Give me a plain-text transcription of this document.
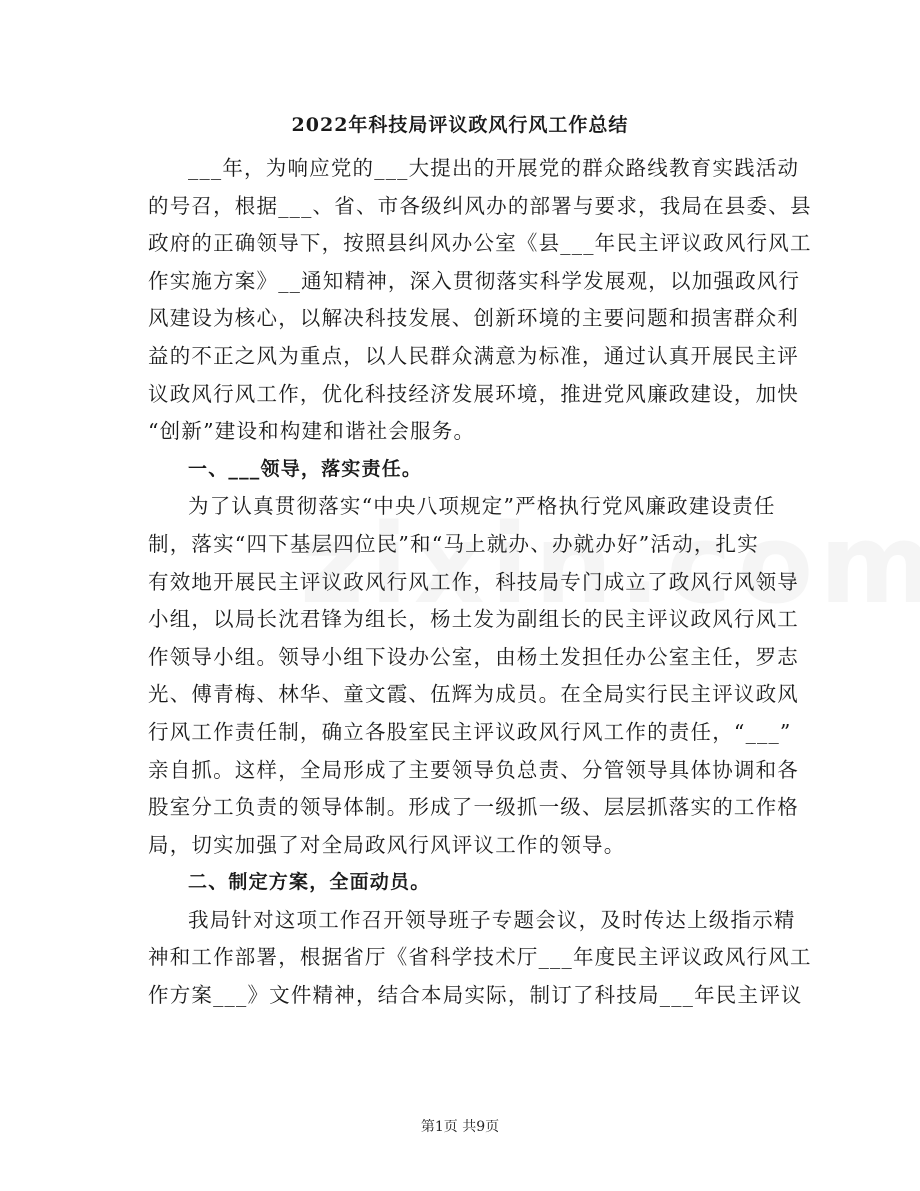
2022年科技局评议政风行风工作总结
___年，为响应党的___大提出的开展党的群众路线教育实践活动
的号召，根据___、省、市各级纠风办的部署与要求，我局在县委、县
政府的正确领导下，按照县纠风办公室《县___年民主评议政风行风工
作实施方案》__通知精神，深入贯彻落实科学发展观，以加强政风行
风建设为核心，以解决科技发展、创新环境的主要问题和损害群众利
益的不正之风为重点，以人民群众满意为标准，通过认真开展民主评
议政风行风工作，优化科技经济发展环境，推进党风廉政建设，加快
“创新”建设和构建和谐社会服务。
一、___领导，落实责任。
为了认真贯彻落实“中央八项规定”严格执行党风廉政建设责任
制，落实“四下基层四位民”和“马上就办、办就办好”活动，扎实
有效地开展民主评议政风行风工作，科技局专门成立了政风行风领导
小组，以局长沈君锋为组长，杨土发为副组长的民主评议政风行风工
作领导小组。领导小组下设办公室，由杨土发担任办公室主任，罗志
光、傅青梅、林华、童文霞、伍辉为成员。在全局实行民主评议政风
行风工作责任制，确立各股室民主评议政风行风工作的责任，“___”
亲自抓。这样，全局形成了主要领导负总责、分管领导具体协调和各
股室分工负责的领导体制。形成了一级抓一级、层层抓落实的工作格
局，切实加强了对全局政风行风评议工作的领导。
二、制定方案，全面动员。
我局针对这项工作召开领导班子专题会议，及时传达上级指示精
神和工作部署，根据省厅《省科学技术厅___年度民主评议政风行风工
作方案___》文件精神，结合本局实际，制订了科技局___年民主评议
第1页 共9页
